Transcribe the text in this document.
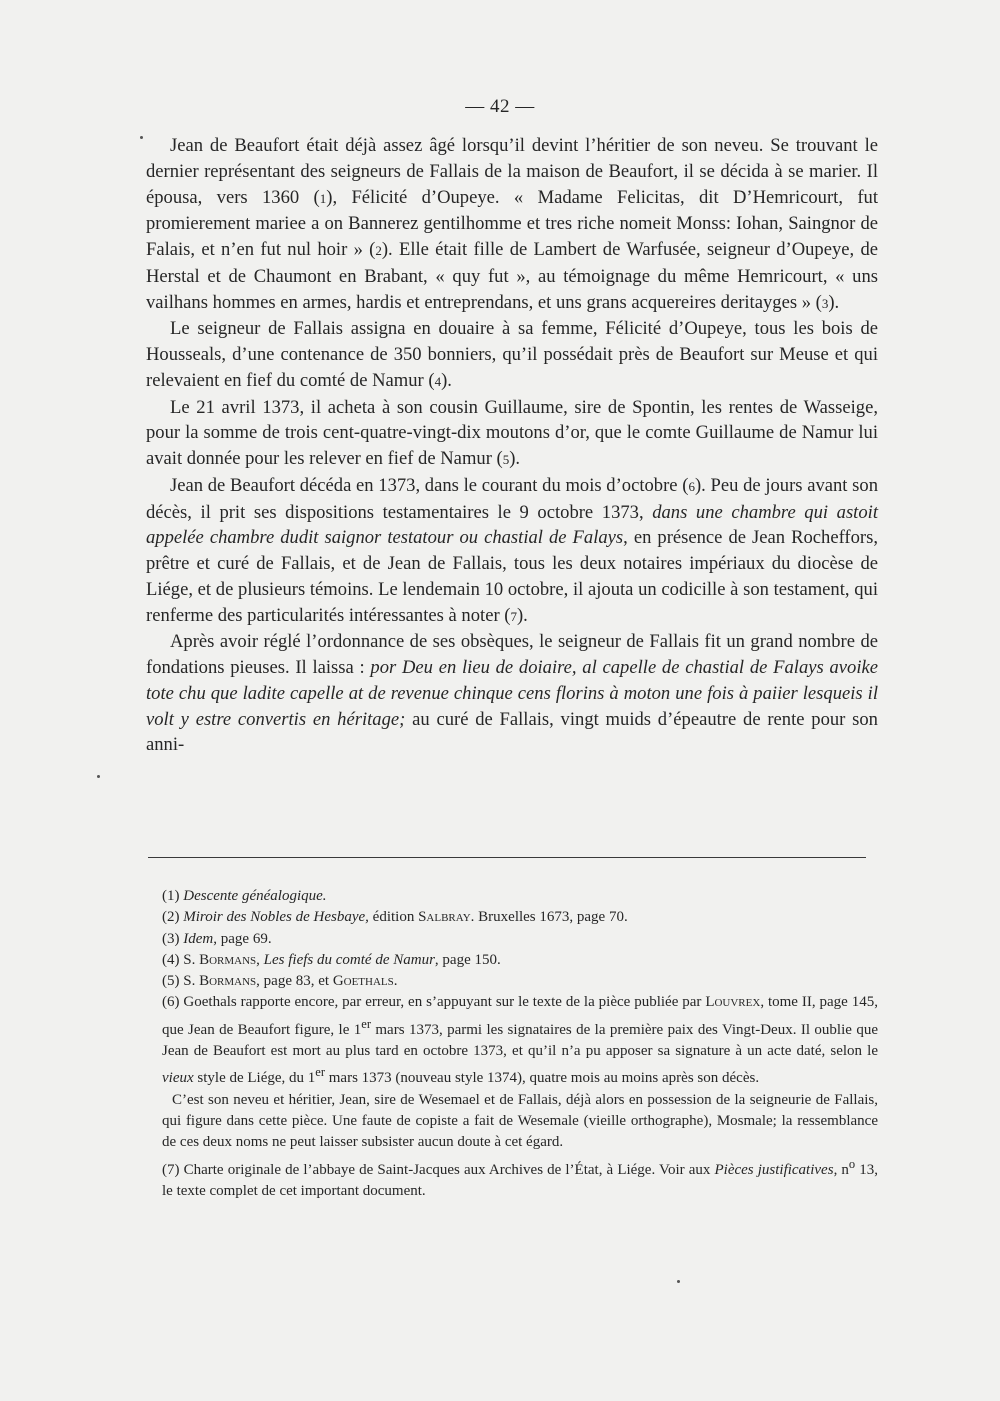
— 42 —

Jean de Beaufort était déjà assez âgé lorsqu’il devint l’héritier de son neveu. Se trouvant le dernier représentant des seigneurs de Fallais de la maison de Beaufort, il se décida à se marier. Il épousa, vers 1360 (1), Félicité d’Oupeye. « Madame Felicitas, dit D’Hemricourt, fut promierement mariee a on Bannerez gentilhomme et tres riche nomeit Monss: Iohan, Saingnor de Falais, et n’en fut nul hoir » (2). Elle était fille de Lambert de Warfusée, seigneur d’Oupeye, de Herstal et de Chaumont en Brabant, « quy fut », au témoignage du même Hemricourt, « uns vailhans hommes en armes, hardis et entreprendans, et uns grans acquereires deritayges » (3).

Le seigneur de Fallais assigna en douaire à sa femme, Félicité d’Oupeye, tous les bois de Housseals, d’une contenance de 350 bonniers, qu’il possédait près de Beaufort sur Meuse et qui relevaient en fief du comté de Namur (4).

Le 21 avril 1373, il acheta à son cousin Guillaume, sire de Spontin, les rentes de Wasseige, pour la somme de trois cent-quatre-vingt-dix moutons d’or, que le comte Guillaume de Namur lui avait donnée pour les relever en fief de Namur (5).

Jean de Beaufort décéda en 1373, dans le courant du mois d’octobre (6). Peu de jours avant son décès, il prit ses dispositions testamentaires le 9 octobre 1373, dans une chambre qui astoit appelée chambre dudit saignor testatour ou chastial de Falays, en présence de Jean Rocheffors, prêtre et curé de Fallais, et de Jean de Fallais, tous les deux notaires impériaux du diocèse de Liége, et de plusieurs témoins. Le lendemain 10 octobre, il ajouta un codicille à son testament, qui renferme des particularités intéressantes à noter (7).

Après avoir réglé l’ordonnance de ses obsèques, le seigneur de Fallais fit un grand nombre de fondations pieuses. Il laissa : por Deu en lieu de doiaire, al capelle de chastial de Falays avoike tote chu que ladite capelle at de revenue chinque cens florins à moton une fois à paiier lesqueis il volt y estre convertis en héritage; au curé de Fallais, vingt muids d’épeautre de rente pour son anni-

(1) Descente généalogique.

(2) Miroir des Nobles de Hesbaye, édition Salbray. Bruxelles 1673, page 70.

(3) Idem, page 69.

(4) S. Bormans, Les fiefs du comté de Namur, page 150.

(5) S. Bormans, page 83, et Goethals.

(6) Goethals rapporte encore, par erreur, en s’appuyant sur le texte de la pièce publiée par Louvrex, tome II, page 145, que Jean de Beaufort figure, le 1er mars 1373, parmi les signataires de la première paix des Vingt-Deux. Il oublie que Jean de Beaufort est mort au plus tard en octobre 1373, et qu’il n’a pu apposer sa signature à un acte daté, selon le vieux style de Liége, du 1er mars 1373 (nouveau style 1374), quatre mois au moins après son décès.

C’est son neveu et héritier, Jean, sire de Wesemael et de Fallais, déjà alors en possession de la seigneurie de Fallais, qui figure dans cette pièce. Une faute de copiste a fait de Wesemale (vieille orthographe), Mosmale; la ressemblance de ces deux noms ne peut laisser subsister aucun doute à cet égard.

(7) Charte originale de l’abbaye de Saint-Jacques aux Archives de l’État, à Liége. Voir aux Pièces justificatives, $n^o$ 13, le texte complet de cet important document.
